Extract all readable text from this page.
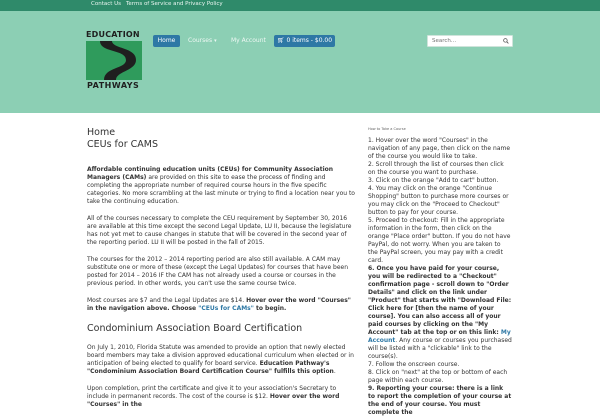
Contact Us Terms of Service and Privacy Policy
EDUCATION
PATHWAYS
Home	Courses ▾ My Account	🛒︎ 0 items - $0.00
Search...
Home
CEUs for CAMS

Affordable continuing education units (CEUs) for Community Association Managers (CAMs) are provided on this site to ease the process of finding and completing the appropriate number of required course hours in the five specific categories. No more scrambling at the last minute or trying to find a location near you to take the continuing education.

All of the courses necessary to complete the CEU requirement by September 30, 2016 are available at this time except the second Legal Update, LU II, because the legislature has not yet met to cause changes in statute that will be covered in the second year of the reporting period. LU II will be posted in the fall of 2015.

The courses for the 2012 – 2014 reporting period are also still available. A CAM may substitute one or more of these (except the Legal Updates) for courses that have been posted for 2014 – 2016 IF the CAM has not already used a course or courses in the previous period. In other words, you can't use the same course twice.

Most courses are $7 and the Legal Updates are $14. Hover over the word "Courses" in the navigation above. Choose "CEUs for CAMs" to begin.

Condominium Association Board Certification

On July 1, 2010, Florida Statute was amended to provide an option that newly elected board members may take a division approved educational curriculum when elected or in anticipation of being elected to qualify for board service. Education Pathway's "Condominium Association Board Certification Course" fulfills this option.

Upon completion, print the certificate and give it to your association's Secretary to include in permanent records. The cost of the course is $12. Hover over the word "Courses" in the

How to Take a Course
1. Hover over the word "Courses" in the navigation of any page, then click on the name of the course you would like to take.
2. Scroll through the list of courses then click on the course you want to purchase.
3. Click on the orange "Add to cart" button.
4. You may click on the orange "Continue Shopping" button to purchase more courses or you may click on the "Proceed to Checkout" button to pay for your course.
5. Proceed to checkout: Fill in the appropriate information in the form, then click on the orange "Place order" button. If you do not have PayPal, do not worry. When you are taken to the PayPal screen, you may pay with a credit card.
6. Once you have paid for your course, you will be redirected to a "Checkout" confirmation page - scroll down to "Order Details" and click on the link under "Product" that starts with "Download File: Click here for [then the name of your course]. You can also access all of your paid courses by clicking on the "My Account" tab at the top or on this link: My Account. Any course or courses you purchased will be listed with a "clickable" link to the course(s).
7. Follow the onscreen course.
8. Click on "next" at the top or bottom of each page within each course.
9. Reporting your course: there is a link to report the completion of your course at the end of your course. You must complete the
